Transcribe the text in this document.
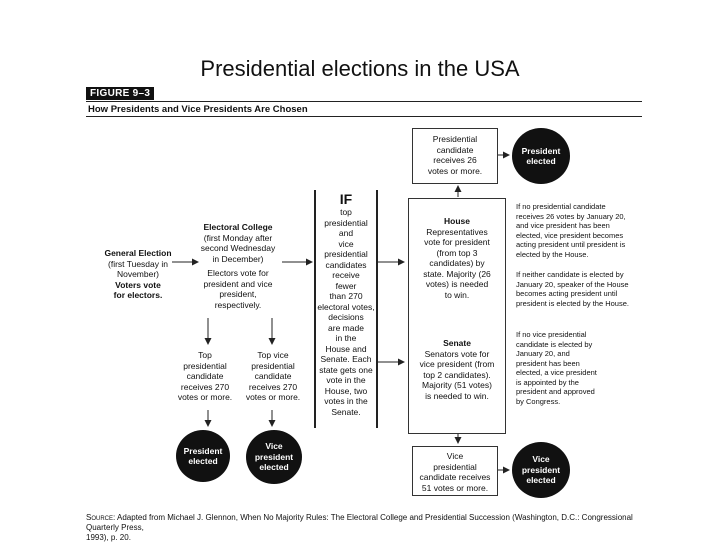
Presidential elections in the USA
FIGURE 9–3
How Presidents and Vice Presidents Are Chosen
General Election
(first Tuesday in
November)
Voters vote
for electors.
Electoral College
(first Monday after
second Wednesday
in December)
Electors vote for
president and vice
president,
respectively.
Top
presidential
candidate
receives 270
votes or more.
Top vice
presidential
candidate
receives 270
votes or more.
President
elected
Vice
president
elected
IF
top
presidential
and
vice presidential
candidates
receive
fewer
than 270
electoral votes,
decisions
are made
in the
House and
Senate. Each
state gets one
vote in the
House, two
votes in the
Senate.
Presidential
candidate
receives 26
votes or more.
House
Representatives
vote for president
(from top 3
candidates) by
state. Majority (26
votes) is needed
to win.
Senate
Senators vote for
vice president (from
top 2 candidates).
Majority (51 votes)
is needed to win.
Vice
presidential
candidate receives
51 votes or more.
President
elected
Vice
president
elected
If no presidential candidate
receives 26 votes by January 20,
and vice president has been
elected, vice president becomes
acting president until president is
elected by the House.
If neither candidate is elected by
January 20, speaker of the House
becomes acting president until
president is elected by the House.
If no vice presidential
candidate is elected by
January 20, and
president has been
elected, a vice president
is appointed by the
president and approved
by Congress.
Source: Adapted from Michael J. Glennon, When No Majority Rules: The Electoral College and Presidential Succession (Washington, D.C.: Congressional Quarterly Press,
1993), p. 20.
